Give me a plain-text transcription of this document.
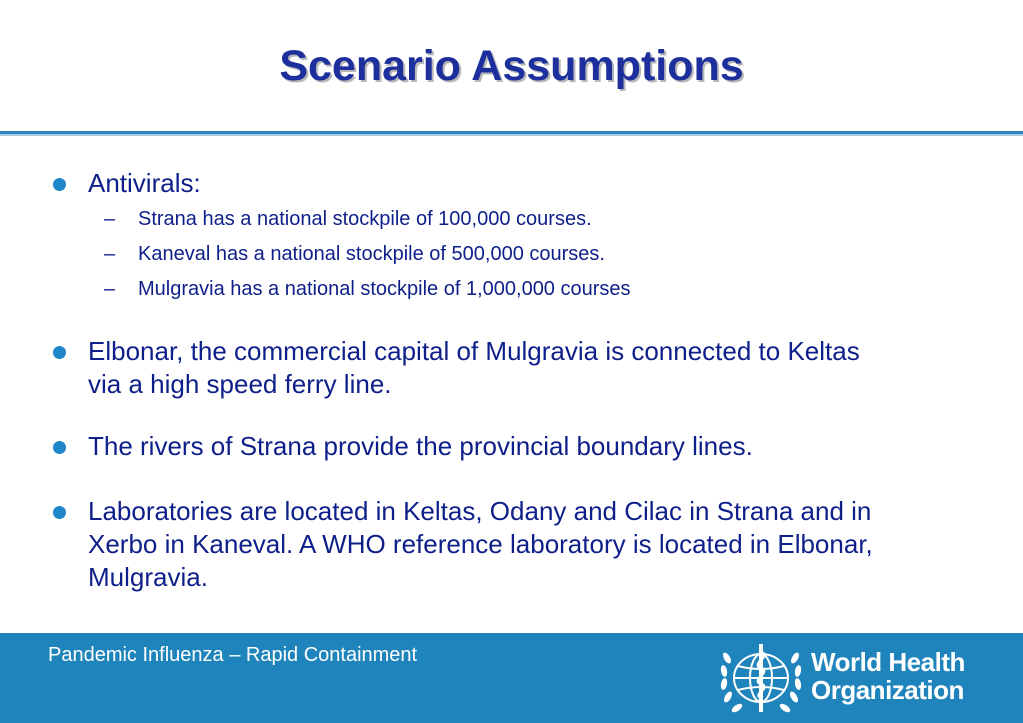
Scenario Assumptions
Antivirals:
– Strana has a national stockpile of 100,000 courses.
– Kaneval has a national stockpile of 500,000 courses.
– Mulgravia has a national stockpile of 1,000,000 courses
Elbonar, the commercial capital of Mulgravia is connected to Keltas
via a high speed ferry line.
The rivers of Strana provide the provincial boundary lines.
Laboratories are located in Keltas, Odany and Cilac in Strana and in
Xerbo in Kaneval. A WHO reference laboratory is located in Elbonar,
Mulgravia.
Pandemic Influenza – Rapid Containment	World Health
Organization
